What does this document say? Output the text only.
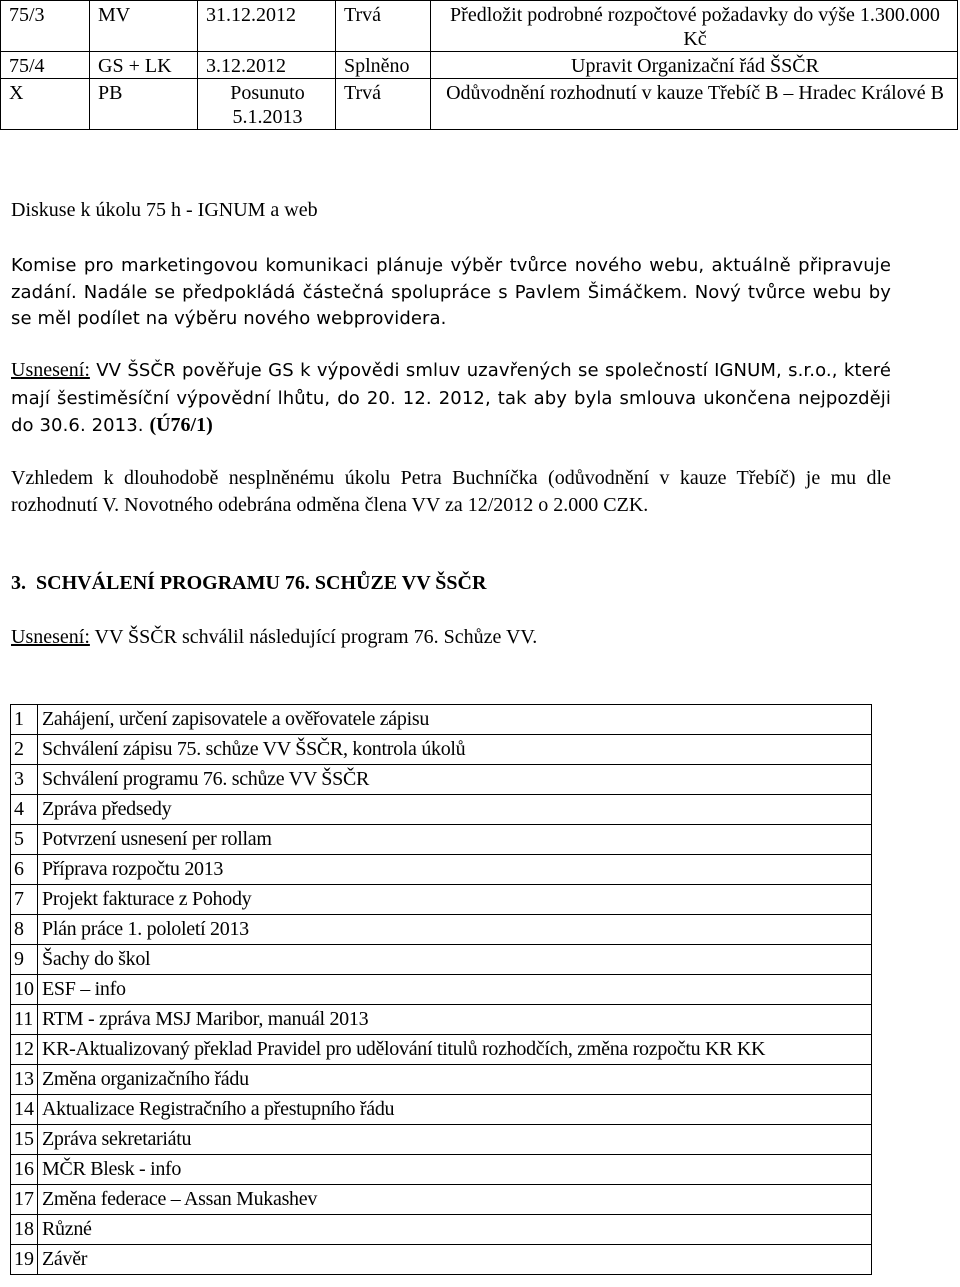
75/3	MV	31.12.2012	Trvá	Předložit podrobné rozpočtové požadavky do výše 1.300.000 Kč
75/4	GS + LK	3.12.2012	Splněno	Upravit Organizační řád ŠSČR
X	PB	Posunuto 5.1.2013	Trvá	Odůvodnění rozhodnutí v kauze Třebíč B – Hradec Králové B
Diskuse k úkolu 75 h - IGNUM a web
Komise pro marketingovou komunikaci plánuje výběr tvůrce nového webu, aktuálně připravuje zadání. Nadále se předpokládá částečná spolupráce s Pavlem Šimáčkem. Nový tvůrce webu by se měl podílet na výběru nového webprovidera.
Usnesení: VV ŠSČR pověřuje GS k výpovědi smluv uzavřených se společností IGNUM, s.r.o., které mají šestiměsíční výpovědní lhůtu, do 20. 12. 2012, tak aby byla smlouva ukončena nejpozději do 30.6. 2013. (Ú76/1)
Vzhledem k dlouhodobě nesplněnému úkolu Petra Buchníčka (odůvodnění v kauze Třebíč) je mu dle rozhodnutí V. Novotného odebrána odměna člena VV za 12/2012 o 2.000 CZK.
3. SCHVÁLENÍ PROGRAMU 76. SCHŮZE VV ŠSČR
Usnesení: VV ŠSČR schválil následující program 76. Schůze VV.
1	Zahájení, určení zapisovatele a ověřovatele zápisu
2	Schválení zápisu 75. schůze VV ŠSČR, kontrola úkolů
3	Schválení programu 76. schůze VV ŠSČR
4	Zpráva předsedy
5	Potvrzení usnesení per rollam
6	Příprava rozpočtu 2013
7	Projekt fakturace z Pohody
8	Plán práce 1. pololetí 2013
9	Šachy do škol
10	ESF – info
11	RTM - zpráva MSJ Maribor, manuál 2013
12	KR-Aktualizovaný překlad Pravidel pro udělování titulů rozhodčích, změna rozpočtu KR KK
13	Změna organizačního řádu
14	Aktualizace Registračního a přestupního řádu
15	Zpráva sekretariátu
16	MČR Blesk - info
17	Změna federace – Assan Mukashev
18	Různé
19	Závěr
